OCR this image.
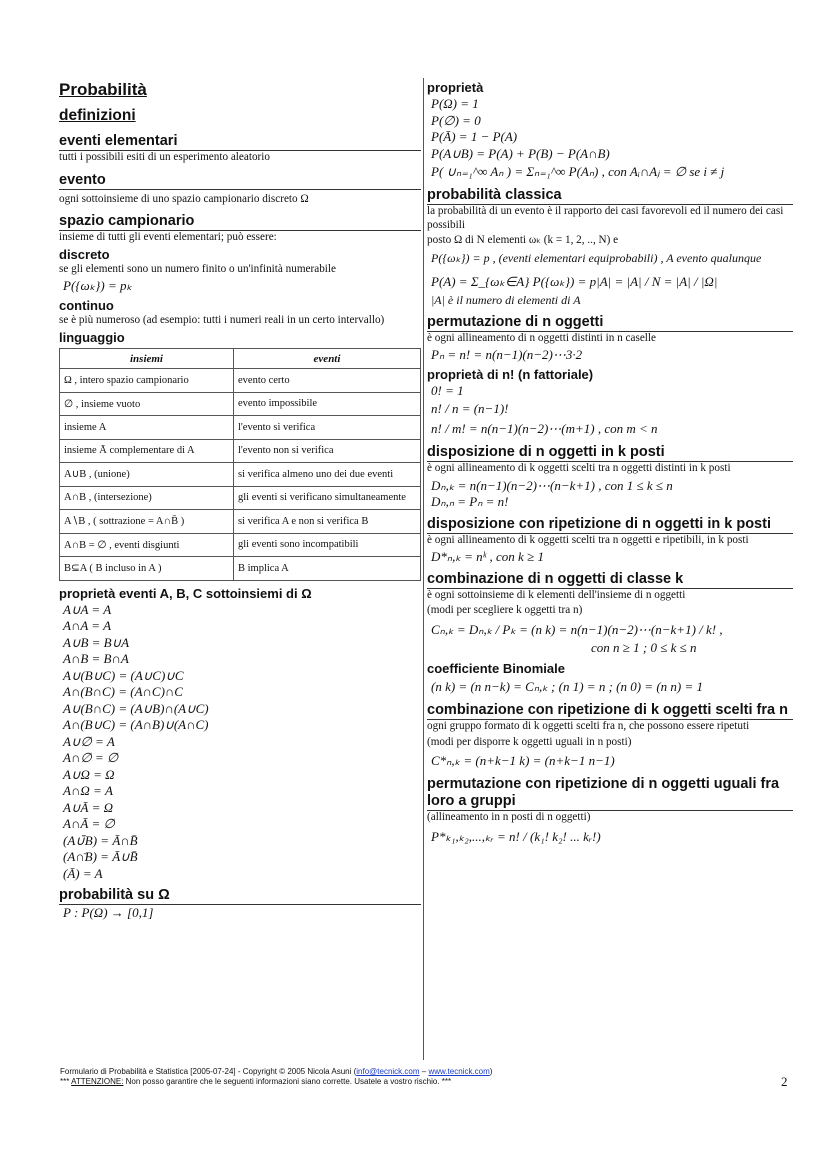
Probabilità
definizioni
eventi elementari

tutti i possibili esiti di un esperimento aleatorio

evento

ogni sottoinsieme di uno spazio campionario discreto Ω

spazio campionario

insieme di tutti gli eventi elementari; può essere:

discreto

se gli elementi sono un numero finito o un'infinità numerabile

P({ωₖ}) = pₖ
continuo

se è più numeroso (ad esempio: tutti i numeri reali in un certo intervallo)

linguaggio
insiemi	eventi
Ω , intero spazio campionario	evento certo
∅ , insieme vuoto	evento impossibile
insieme A	l'evento si verifica
insieme Ā complementare di A	l'evento non si verifica
A∪B , (unione)	si verifica almeno uno dei due eventi
A∩B , (intersezione)	gli eventi si verificano simultaneamente
A∖B , ( sottrazione = A∩B̄ )	si verifica A e non si verifica B
A∩B = ∅ , eventi disgiunti	gli eventi sono incompatibili
B⊆A ( B incluso in A )	B implica A
proprietà eventi A, B, C sottoinsiemi di Ω
A∪A = A
A∩A = A
A∪B = B∪A
A∩B = B∩A
A∪(B∪C) = (A∪C)∪C
A∩(B∩C) = (A∩C)∩C
A∪(B∩C) = (A∪B)∩(A∪C)
A∩(B∪C) = (A∩B)∪(A∩C)
A∪∅ = A
A∩∅ = ∅
A∪Ω = Ω
A∩Ω = A
A∪Ā = Ω
A∩Ā = ∅
(A∪̄B) = Ā∩B̄
(A∩̄B) = Ā∪B̄
(Ā) = A
probabilità su Ω
P : P(Ω) → [0,1]
proprietà
P(Ω) = 1
P(∅) = 0
P(Ā) = 1 − P(A)
P(A∪B) = P(A) + P(B) − P(A∩B)
P( ∪ₙ₌₁^∞ Aₙ ) = Σₙ₌₁^∞ P(Aₙ) , con Aᵢ∩Aⱼ = ∅ se i ≠ j
probabilità classica

la probabilità di un evento è il rapporto dei casi favorevoli ed il numero dei casi possibili

posto Ω di N elementi ωₖ (k = 1, 2, .., N) e

P({ωₖ}) = p , (eventi elementari equiprobabili) , A evento qualunque

P(A) = Σ_{ωₖ∈A} P({ωₖ}) = p|A| = |A| / N = |A| / |Ω|
|A| è il numero di elementi di A
permutazione di n oggetti

è ogni allineamento di n oggetti distinti in n caselle

Pₙ = n! = n(n−1)(n−2)⋯3·2
proprietà di n! (n fattoriale)
0! = 1
n! / n = (n−1)!
n! / m! = n(n−1)(n−2)⋯(m+1) , con m < n
disposizione di n oggetti in k posti

è ogni allineamento di k oggetti scelti tra n oggetti distinti in k posti

Dₙ,ₖ = n(n−1)(n−2)⋯(n−k+1) , con 1 ≤ k ≤ n
Dₙ,ₙ = Pₙ = n!
disposizione con ripetizione di n oggetti in k posti

è ogni allineamento di k oggetti scelti tra n oggetti e ripetibili, in k posti

D*ₙ,ₖ = nᵏ , con k ≥ 1
combinazione di n oggetti di classe k

è ogni sottoinsieme di k elementi dell'insieme di n oggetti

(modi per scegliere k oggetti tra n)

Cₙ,ₖ = Dₙ,ₖ / Pₖ = (n k) = n(n−1)(n−2)⋯(n−k+1) / k! ,
con n ≥ 1 ; 0 ≤ k ≤ n
coefficiente Binomiale
(n k) = (n n−k) = Cₙ,ₖ ; (n 1) = n ; (n 0) = (n n) = 1
combinazione con ripetizione di k oggetti scelti fra n

ogni gruppo formato di k oggetti scelti fra n, che possono essere ripetuti

(modi per disporre k oggetti uguali in n posti)

C*ₙ,ₖ = (n+k−1 k) = (n+k−1 n−1)
permutazione con ripetizione di n oggetti uguali fra loro a gruppi

(allineamento in n posti di n oggetti)

P*ₖ₁,ₖ₂,...,ₖᵣ = n! / (k₁! k₂! ... kᵣ!)
Formulario di Probabilità e Statistica [2005-07-24] - Copyright © 2005 Nicola Asuni (info@tecnick.com – www.tecnick.com)
*** ATTENZIONE: Non posso garantire che le seguenti informazioni siano corrette. Usatele a vostro rischio. ***	2
